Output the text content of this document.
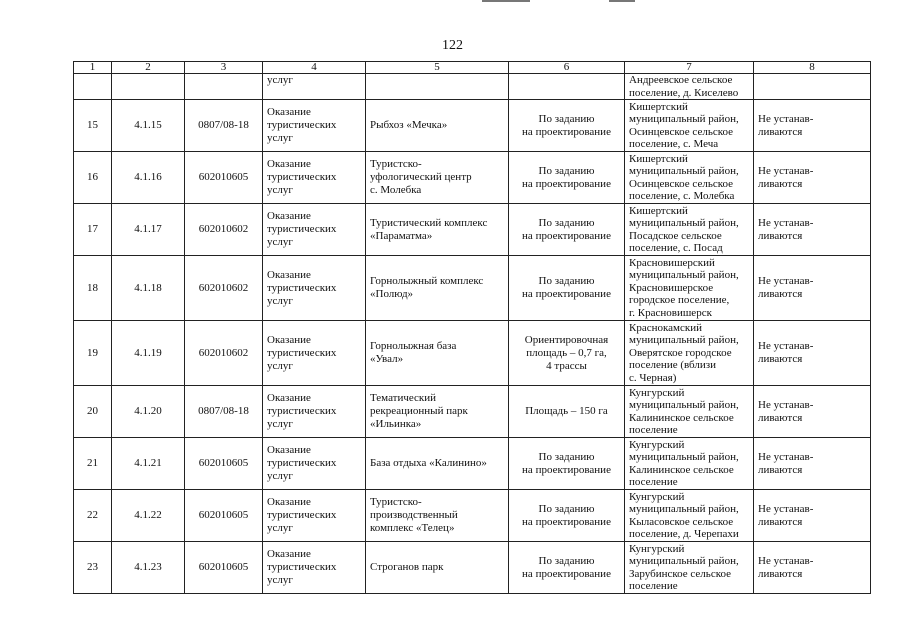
122
1	2	3	4	5	6	7	8

			услуг			Андреевское сельское
поселение, д. Киселево	

15	4.1.15	0807/08-18	Оказание
туристических
услуг	Рыбхоз «Мечка»	По заданию
на проектирование	Кишертский
муниципальный район,
Осинцевское сельское
поселение, с. Меча	Не устанав-
ливаются

16	4.1.16	602010605	Оказание
туристических
услуг	Туристско-
уфологический центр
с. Молебка	По заданию
на проектирование	Кишертский
муниципальный район,
Осинцевское сельское
поселение, с. Молебка	Не устанав-
ливаются

17	4.1.17	602010602	Оказание
туристических
услуг	Туристический комплекс
«Параматма»	По заданию
на проектирование	Кишертский
муниципальный район,
Посадское сельское
поселение, с. Посад	Не устанав-
ливаются

18	4.1.18	602010602	Оказание
туристических
услуг	Горнолыжный комплекс
«Полюд»	По заданию
на проектирование	Красновишерский
муниципальный район,
Красновишерское
городское поселение,
г. Красновишерск	Не устанав-
ливаются

19	4.1.19	602010602	Оказание
туристических
услуг	Горнолыжная база
«Увал»	Ориентировочная
площадь – 0,7 га,
4 трассы	Краснокамский
муниципальный район,
Оверятское городское
поселение (вблизи
с. Черная)	Не устанав-
ливаются

20	4.1.20	0807/08-18	Оказание
туристических
услуг	Тематический
рекреационный парк
«Ильинка»	Площадь – 150 га	Кунгурский
муниципальный район,
Калининское сельское
поселение	Не устанав-
ливаются

21	4.1.21	602010605	Оказание
туристических
услуг	База отдыха «Калинино»	По заданию
на проектирование	Кунгурский
муниципальный район,
Калининское сельское
поселение	Не устанав-
ливаются

22	4.1.22	602010605	Оказание
туристических
услуг	Туристско-
производственный
комплекс «Телец»	По заданию
на проектирование	Кунгурский
муниципальный район,
Кыласовское сельское
поселение, д. Черепахи	Не устанав-
ливаются

23	4.1.23	602010605	Оказание
туристических
услуг	Строганов парк	По заданию
на проектирование	Кунгурский
муниципальный район,
Зарубинское сельское
поселение	Не устанав-
ливаются
